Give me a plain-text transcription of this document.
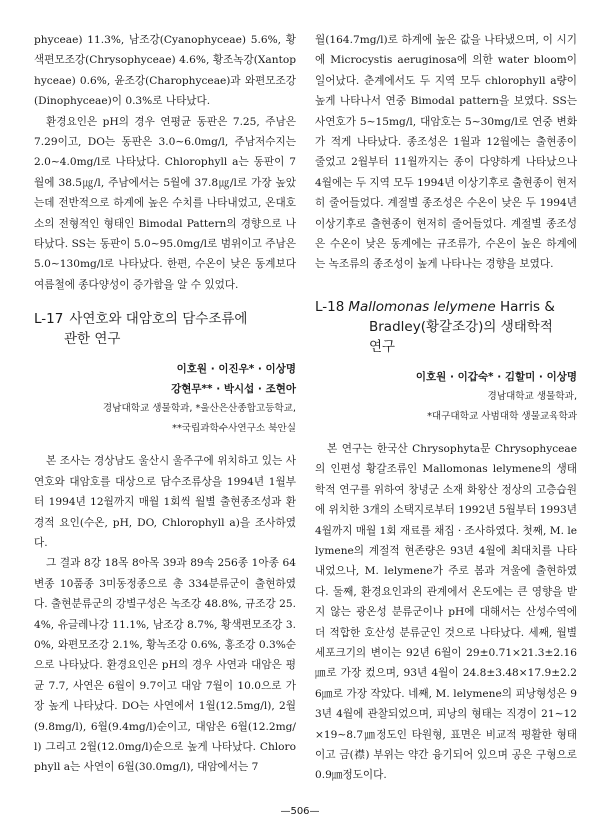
phyceae) 11.3%, 남조강(Cyanophyceae) 5.6%, 황색편모조강(Chrysophyceae) 4.6%, 황조녹강(Xantophyceae) 0.6%, 윤조강(Charophyceae)과 와편모조강(Dinophyceae)이 0.3%로 나타났다.

환경요인은 pH의 경우 연평균 동판은 7.25, 주남은 7.29이고, DO는 동판은 3.0∼6.0mg/l, 주남저수지는 2.0∼4.0mg/l로 나타났다. Chlorophyll a는 동판이 7월에 38.5㎍/l, 주남에서는 5월에 37.8㎍/l로 가장 높았는데 전반적으로 하계에 높은 수치를 나타내었고, 온대호소의 전형적인 형태인 Bimodal Pattern의 경향으로 나타났다. SS는 동판이 5.0∼95.0mg/l로 범위이고 주남은 5.0∼130mg/l로 나타났다. 한편, 수온이 낮은 동계보다 여름철에 종다양성이 증가함을 알 수 있었다.

L-17 사연호와 대암호의 담수조류에
관한 연구

이호원 · 이진우* · 이상명

강현무** · 박시섭 · 조현아

경남대학교 생물학과, *울산은산종합고등학교,

**국립과학수사연구소 북안실

본 조사는 경상남도 울산시 울주구에 위치하고 있는 사연호와 대암호를 대상으로 담수조류상을 1994년 1월부터 1994년 12월까지 매월 1회씩 월별 출현종조성과 환경적 요인(수온, pH, DO, Chlorophyll a)을 조사하였다.

그 결과 8강 18목 8아목 39과 89속 256종 1아종 64변종 10품종 3미동정종으로 총 334분류군이 출현하였다. 출현분류군의 강별구성은 녹조강 48.8%, 규조강 25.4%, 유글레나강 11.1%, 남조강 8.7%, 황색편모조강 3.0%, 와편모조강 2.1%, 황녹조강 0.6%, 홍조강 0.3%순으로 나타났다. 환경요인은 pH의 경우 사연과 대암은 평균 7.7, 사연은 6월이 9.7이고 대암 7월이 10.0으로 가장 높게 나타났다. DO는 사연에서 1월(12.5mg/l), 2월(9.8mg/l), 6월(9.4mg/l)순이고, 대암은 6월(12.2mg/l) 그리고 2월(12.0mg/l)순으로 높게 나타났다. Chlorophyll a는 사연이 6월(30.0mg/l), 대암에서는 7

월(164.7mg/l)로 하계에 높은 값을 나타냈으며, 이 시기에 Microcystis aeruginosa에 의한 water bloom이 일어났다. 춘계에서도 두 지역 모두 chlorophyll a량이 높게 나타나서 연중 Bimodal pattern을 보였다. SS는 사연호가 5∼15mg/l, 대암호는 5∼30mg/l로 연중 변화가 적게 나타났다. 종조성은 1월과 12월에는 출현종이 줄었고 2월부터 11월까지는 종이 다양하게 나타났으나 4월에는 두 지역 모두 1994년 이상기후로 출현종이 현저히 줄어들었다. 계절별 종조성은 수온이 낮은 두 1994년 이상기후로 출현종이 현저히 줄어들었다. 계절별 종조성은 수온이 낮은 동계에는 규조류가, 수온이 높은 하계에는 녹조류의 종조성이 높게 나타나는 경향을 보였다.

L-18 Mallomonas lelymene Harris &
Bradley(황갈조강)의 생태학적
연구

이호원 · 이갑숙* · 김할미 · 이상명

경남대학교 생물학과,

*대구대학교 사범대학 생물교육학과

본 연구는 한국산 Chrysophyta문 Chrysophyceae의 인편성 황갈조류인 Mallomonas lelymene의 생태학적 연구를 위하여 창녕군 소재 화왕산 정상의 고층습원에 위치한 3개의 소택지로부터 1992년 5월부터 1993년 4월까지 매월 1회 재료를 채집 · 조사하였다. 첫째, M. lelymene의 계절적 현존량은 93년 4월에 최대치를 나타내었으나, M. lelymene가 주로 봄과 겨울에 출현하였다. 둘째, 환경요인과의 관계에서 온도에는 큰 영향을 받지 않는 광온성 분류군이나 pH에 대해서는 산성수역에 더 적합한 호산성 분류군인 것으로 나타났다. 세째, 월별 세포크기의 변이는 92년 6월이 29±0.71×21.3±2.16㎛로 가장 컸으며, 93년 4월이 24.8±3.48×17.9±2.26㎛로 가장 작았다. 네째, M. lelymene의 피낭형성은 93년 4월에 관찰되었으며, 피낭의 형태는 직경이 21∼12×19∼8.7㎛정도인 타원형, 표면은 비교적 평활한 형태이고 금(襟) 부위는 약간 융기되어 있으며 공은 구형으로 0.9㎛정도이다.

—506—
